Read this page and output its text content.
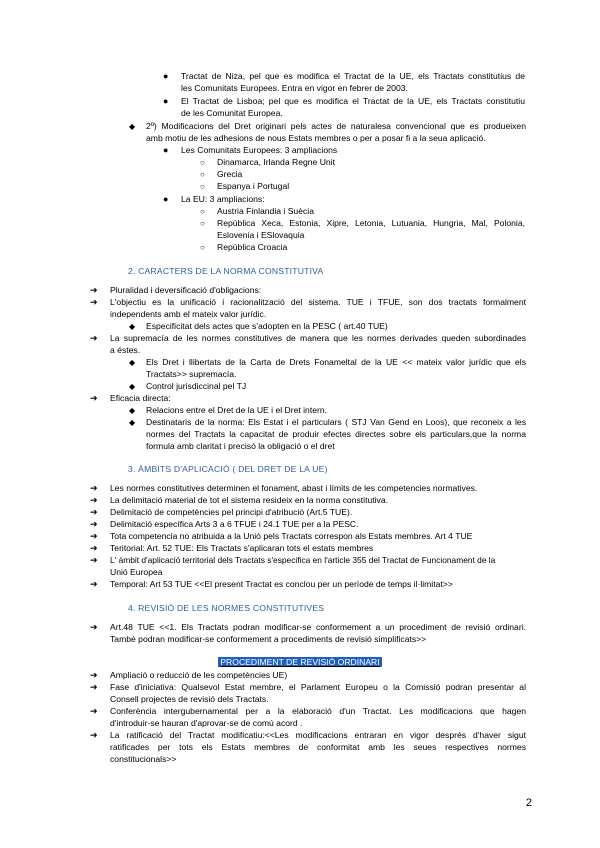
● Tractat de Niza, pel que es modifica el Tractat de la UE, els Tractats constitutius de
les Comunitats Europees. Entra en vigor en febrer de 2003.
● El Tractat de Lisboa; pel que es modifica el Tractat de la UE, els Tractats constitutiu
de les Comunitat Europea.
◆ 2º) Modificacions del Dret originari pels actes de naturalesa convencional que es produeixen
amb motiu de les adhesions de nous Estats membres o per a posar fi a la seua aplicació.
● Les Comunitats Europees: 3 ampliacions
○ Dinamarca, Irlanda Regne Unit
○ Grecia
○ Espanya i Portugal
● La EU: 3 ampliacions:
○ Austria Finlandia i Suècia
○ República Xeca, Estonia, Xipre, Letonia, Lutuania, Hungria, Mal, Polonia,
Eslovenia i ESlovaquia
○ República Croacia
2. CARACTERS DE LA NORMA CONSTITUTIVA
➔ Pluralidad i deversificació d'obligacions:
➔ L'objectiu es la unificació i racionalització del sistema. TUE i TFUE, son dos tractats formalment
independents amb el mateix valor jurídic.
◆ Especificitat dels actes que s'adopten en la PESC ( art.40 TUE)
➔ La supremacía de les normes constitutives de manera que les normes derivades queden subordinades
a éstes.
◆ Els Dret i llibertats de la Carta de Drets Fonameltal de la UE << mateix valor jurídic que els
Tractats>> supremacía.
◆ Control jurisdiccinal pel TJ
➔ Eficacia directa:
◆ Relacions entre el Dret de la UE i el Dret intern.
◆ Destinataris de la norma: Els Estat i el particulars ( STJ Van Gend en Loos), que reconeix a les
normes del Tractats la capacitat de produir efectes directes sobre els particulars,que la norma
formula amb claritat i precisó la obligació o el dret
3. ÀMBITS D'APLICACIÓ ( DEL DRET DE LA UE)
➔ Les normes constitutives determinen el fonament, abast i límits de les competencies normatives.
➔ La delimitació material de tot el sistema resideix en la norma constitutiva.
➔ Delimitació de competències pel principi d'atribució (Art.5 TUE).
➔ Delimitació específica Arts 3 a 6 TFUE i 24.1 TUE per a la PESC.
➔ Tota competencia no atribuida a la Unió pels Tractats correspon als Estats membres. Art 4 TUE
➔ Teritorial: Art. 52 TUE: Els Tractats s'aplicaran tots el estats membres
➔ L' àmbit d'aplicació territorial dels Tractats s'especifica en l'article 355 del Tractat de Funcionament de la
Unió Europea
➔ Temporal: Art 53 TUE <<El present Tractat es conclou per un període de temps il·limitat>>
4. REVISIÓ DE LES NORMES CONSTITUTIVES
➔ Art.48 TUE <<1. Els Tractats podran modificar-se conformement a un procediment de revisió ordinari.
També podran modificar-se conformement a procediments de revisió simplificats>>
PROCEDIMENT DE REVISIÓ ORDINARI
➔ Ampliació o reducció de les competències UE)
➔ Fase d'iniciativa: Qualsevol Estat membre, el Parlament Europeu o la Comissió podran presentar al
Consell projectes de revisió dels Tractats.
➔ Conferència intergubernamental per a la elaboració d'un Tractat. Les modificacions que hagen
d'introduir-se hauran d'aprovar-se de comú acord .
➔ La ratificació del Tractat modificatiu:<<Les modificacions entraran en vigor després d'haver sigut
ratificades per tots els Estats membres de conformitat amb les seues respectives normes
constitucionals>>
2
